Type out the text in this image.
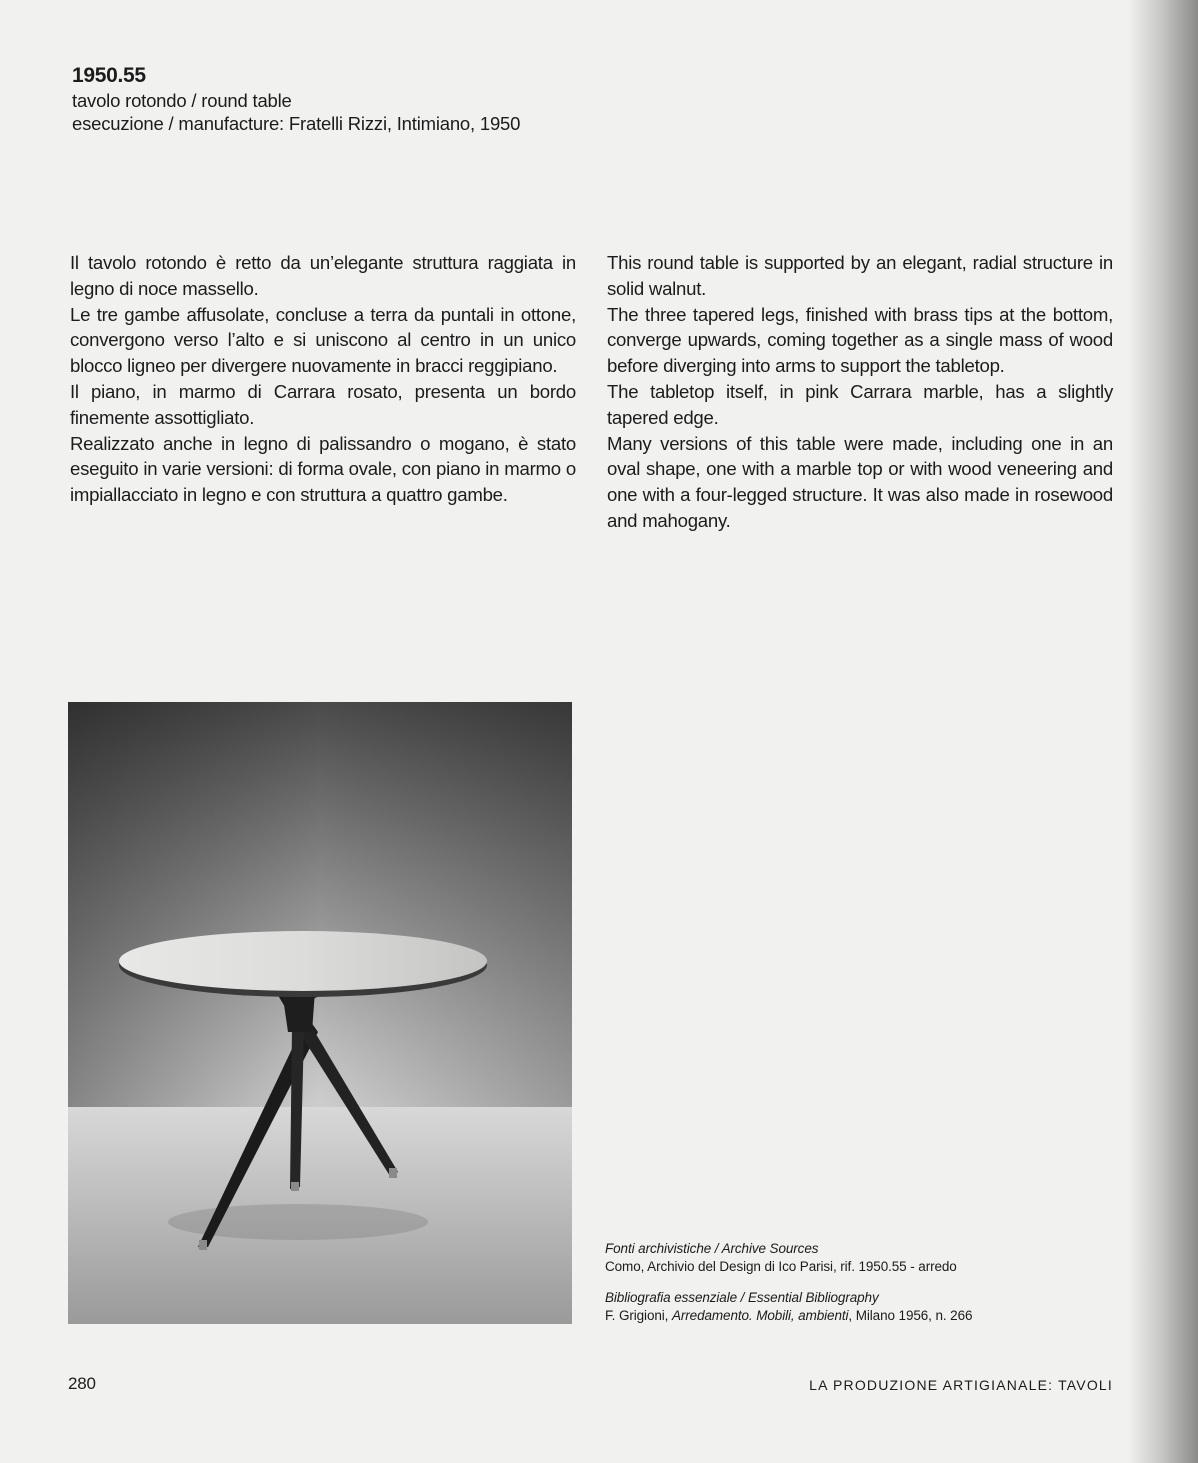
1950.55
tavolo rotondo / round table
esecuzione / manufacture: Fratelli Rizzi, Intimiano, 1950

Il tavolo rotondo è retto da un’elegante struttura raggiata in legno di noce massello.

Le tre gambe affusolate, concluse a terra da puntali in ottone, convergono verso l’alto e si uniscono al centro in un unico blocco ligneo per divergere nuovamente in bracci reggipiano.

Il piano, in marmo di Carrara rosato, presenta un bordo finemente assottigliato.

Realizzato anche in legno di palissandro o mogano, è stato eseguito in varie versioni: di forma ovale, con piano in marmo o impiallacciato in legno e con struttura a quattro gambe.

This round table is supported by an elegant, radial structure in solid walnut.

The three tapered legs, finished with brass tips at the bottom, converge upwards, coming together as a single mass of wood before diverging into arms to support the tabletop.

The tabletop itself, in pink Carrara marble, has a slightly tapered edge.

Many versions of this table were made, including one in an oval shape, one with a marble top or with wood veneering and one with a four-legged structure. It was also made in rosewood and mahogany.

Fonti archivistiche / Archive Sources
Como, Archivio del Design di Ico Parisi, rif. 1950.55 - arredo
Bibliografia essenziale / Essential Bibliography
F. Grigioni, Arredamento. Mobili, ambienti, Milano 1956, n. 266
280	LA PRODUZIONE ARTIGIANALE: TAVOLI
